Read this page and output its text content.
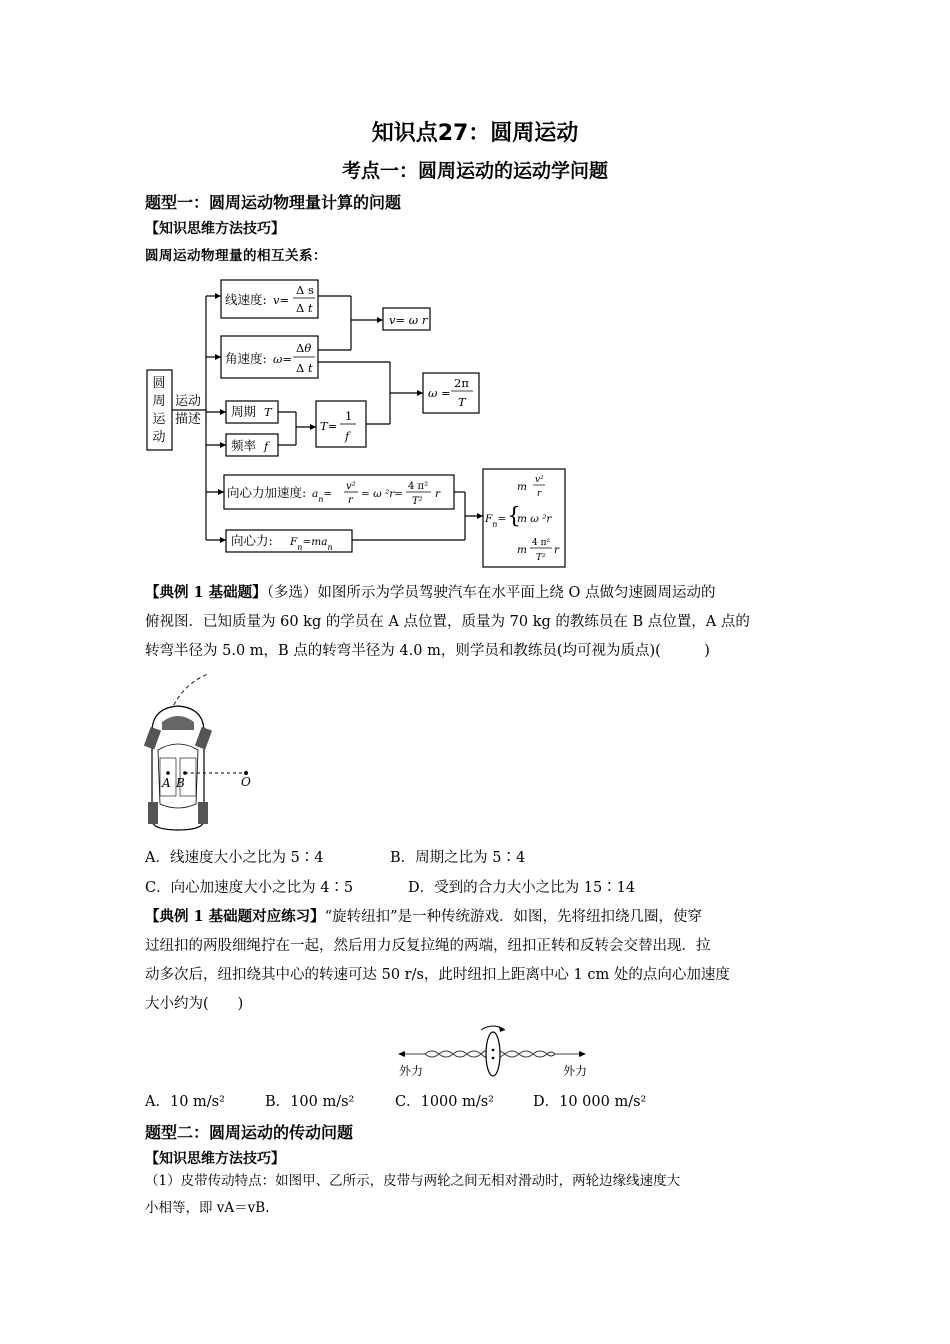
知识点27：圆周运动
考点一：圆周运动的运动学问题
题型一：圆周运动物理量计算的问题
【知识思维方法技巧】
圆周运动物理量的相互关系：
圆
周
运
动
运动
描述
线速度:
角速度:
周期
频率
向心力加速度:
向心力:
v=
Δ s
Δ t
ω=
Δθ
Δ t
T
f
v= ω r
ω =
2π
T
T=
1
f
$a_n=$
v²
r
= ω ²r=
4 π²
T²
r
$F_n=ma_n$
$F_n=$ {
m
v²
r
m ω ²r
m
4 π²
T²
r
【典例 1 基础题】（多选）如图所示为学员驾驶汽车在水平面上绕 O 点做匀速圆周运动的
俯视图．已知质量为 60 kg 的学员在 A 点位置，质量为 70 kg 的教练员在 B 点位置，A 点的
转弯半径为 5.0 m，B 点的转弯半径为 4.0 m，则学员和教练员(均可视为质点)(　　　)
A B	O
A．线速度大小之比为 5∶4	B．周期之比为 5∶4
C．向心加速度大小之比为 4∶5	D．受到的合力大小之比为 15∶14
【典例 1 基础题对应练习】“旋转纽扣”是一种传统游戏．如图，先将纽扣绕几圈，使穿
过纽扣的两股细绳拧在一起，然后用力反复拉绳的两端，纽扣正转和反转会交替出现．拉
动多次后，纽扣绕其中心的转速可达 50 r/s，此时纽扣上距离中心 1 cm 处的点向心加速度
大小约为(　　)
外力	外力
A．10 m/s²	B．100 m/s²	C．1000 m/s²	D．10 000 m/s²
题型二：圆周运动的传动问题
【知识思维方法技巧】
（1）皮带传动特点：如图甲、乙所示，皮带与两轮之间无相对滑动时，两轮边缘线速度大
小相等，即 vA＝vB.
